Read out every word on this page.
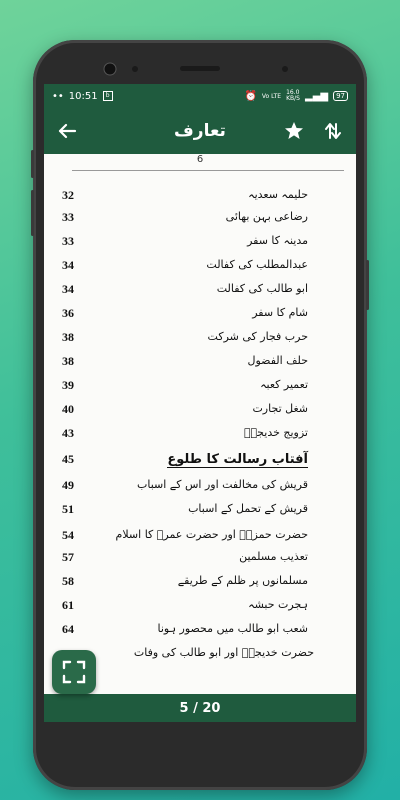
•• 10:51	b	⏰ Vo LTE 16.0
KB/S ▂▄▆	97
تعارف
6
32	حلیمہ سعدیہ
33	رضاعی بہن بھائی
33	مدینہ کا سفر
34	عبدالمطلب کی کفالت
34	ابو طالب کی کفالت
36	شام کا سفر
38	حرب فجار کی شرکت
38	حلف الفضول
39	تعمیر کعبہ
40	شغل تجارت
43	تزویج خدیجہؓ
45	آفتاب رسالت کا طلوع
49	قریش کی مخالفت اور اس کے اسباب
51	قریش کے تحمل کے اسباب
54	حضرت حمزہؓ اور حضرت عمرؓ کا اسلام
57	تعذیب مسلمین
58	مسلمانوں پر ظلم کے طریقے
61	ہجرت حبشہ
64	شعب ابو طالب میں محصور ہونا
حضرت خدیجہؓ اور ابو طالب کی وفات
5 / 20
